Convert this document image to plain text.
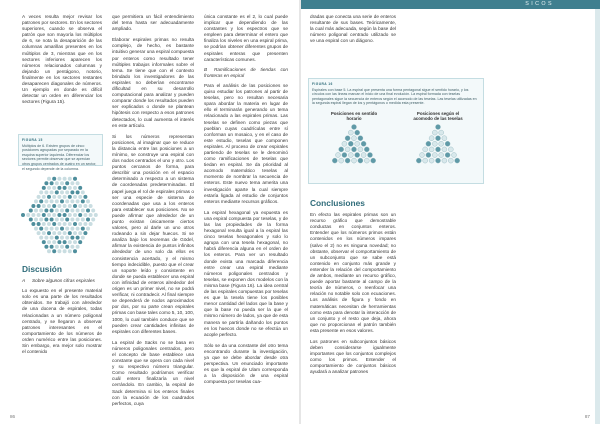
SICOS

A veces resulta mejor revisar los patrones por sectores. En los sectores superiores, cuando se observa el patrón que son mayoría los múltiplos de 6, se nota la desaparición de las columnas amarillas presentes en los múltiplos de 3, mientras que en los sectores inferiores aparecen los números relacionados columnas y dejando un pentágono, notorio, finalmente en los sectores restantes desaparecen diagonales de números. Un ejemplo en donde es difícil detectar un orden en diferenciar los sectores (Figura 15).

FIGURA 15
Múltiplos de 6. Existen grupos de cinco posiciones agrupadas por separado en la esquina superior izquierda. Diferenciar los sectores permite observar que se aprecian otros grupos centrados de cuatro en un sector, el segundo depende de la columna.
Discusión
A Sobre algunos cifras espirales

Lo expuesto en el presente material solo es una parte de los resultados obtenidos. Se trabajó con alrededor de una docena de espirales, todas relacionadas a un número poligonal centrado, y se llegaron a observar patrones interesantes en el comportamiento de los números de orden numérico entre las posiciones. Sin embargo, era mejor solo mostrar el contenido

que permitiera un fácil entendimiento del tema hasta ser adecuadamente ampliado.

Elaborar espirales primas no resulta complejo, de hecho, es bastante intuitivo generar una espiral compuesta por enteros como resultado tener múltiples trabajos informales sobre el tema. Se tiene que con el contexto brindado los investigadores de las espirales no deberían encontrarse dificultad en su desarrollo computacional para analizar y pueden comparar donde los resultados pueden ser explicados o donde se plantean hipótesis con respecto a esos patrones detectados, lo cual aumenta el interés en este artículo.

Si los números representan posiciones, al imaginar que se reduce la distancia entre las posiciones a un mínimo, se construye una espiral con dos nodos centrados el uno y otro. Los puntos cercanos de forma, para describir una posición en el espacio determinado a respecto a un sistema de coordenadas predeterminadas. El papel juega el rol de espirales primas o ser una especie de sistema de coordenadas que usa a los enteros para establecer sus posiciones. No se puede afirmar que alrededor de un punto existan únicamente ciertos valores, pero al darle un uno otros rodeando a sin dejar huecos. Si se analiza bajo los teoremas de Gödel, afirmar la existencia de puntos infinitos alrededor de uno solo da ellos es consistencia acertado, y el mismo tiempo indecidible, puesto que el crear un soporte leído y consistente en donde se pueda establecer una espiral con infinidad de enteros alrededor del origen es un primer nivel, no se podrá verificar, ni contradecir. Al final siempre se dependerá de nodos aproximados por dos, por su parte crean espirales primas con base tales como 5, 10, 100, 1000, lo cual también conduce que se pueden crear cantidades infinitas de espirales con diferentes bases.

La espiral de Sacks no se basa en números poligonales centrados, pero el concepto de base establece una constante que se opera con cada nivel y su respectivo número triangular. Como resultado podríamos verificar cuál entero finalizaría un nivel cerrándolo. En cambio, la espiral de Sack determina si los enteros finales con la ecuación de los cuadrados perfectos, cuya

única constante es el 2, lo cual puede implicar que dependiendo de las constantes y los espectros que se empleen para determinar el entero que finaliza los niveles en una espiral prima, se podrían obtener diferentes grupos de espirales enteras que presenten características comunes.

B Ramificaciones de tiendas con fronteras en espiral

Para el análisis de las posiciones se quiso estudiar los patrones al partir de teselas, pero no resultan necesaria spara abordar la materia en lugar de ello el terminarán generando un tema relacionado a las espirales primas. Las teselas se definen como piezas que pueblan cuyas cuadrículas entre sí conforman un mosaico, y en el caso de este estudio, teselas que componen espirales. Al proceso de crear espirales partiendo de teselas se le denominó como ramificaciones de teselas que tiedan en espiral. Se da prioridad al acomodo matemático teselas al momento de nombrar la secuencia de enteros. Este nuevo tema amerita una investigación aparte la cual siempre estaría ligada al estudio de conjuntos enteros mediante recursos gráficos.

La espiral hexagonal ya expuesta es una espiral compuesta por teselas, y de las las propiedades de la forma hexagonal resulta igual a la espiral las cinco teselas hexagonales y solo lo agrupa con una tesela hexagonal, no habrá diferencia alguna en el orden de los enteros. Para ver un resultado donde exista una marcada diferencia entre crear una espiral mediante números poligonales centrados y teselas, se exponen dos modelos con la misma base (Figura 16). La idea central de las espirales compuestas por teselas es que la tesela tiene los posibles menor cantidad del lados que la base y que la base no pueda ser la que el mismo número de lados, ya que de esta manera se partiría dañando los puntos en los huecos donde no se efectúa un acople perfecto.

Sólo se da una constante del otro tema encontrando durante la investigación, ya que se debe abordar desde otra perspectiva. Un enunciado importante es que la espiral de Ulam corresponda a la disposición de una espiral compuesta por teselas cua-

86

dradas que conecta una serie de enteros resultante de sus bases. Teóricamente, la cual más adecuada, según la base del número poligonal centrado utilizado se ve una espiral con un diágono.

FIGURA 16
Espirales con base 5. La espiral que presenta una forma pentagonal sigue el sentido horario, y los círculos con las líneas marcan el inicio de una final evolución. La espiral formada con teselas pentagonales sigue la secuencia de enteros según el acomodo de las teselas. Las teselas utilizadas en la segunda espiral llegan de los y pentágonos o medida esta presente.
Posiciones en sentido horario
Posiciones según el acomodo de las teselas
Conclusiones

En efecto las espirales primas son un recurso gráfico que demostrable conductas en conjuntos enteros. Entender que los números primos están contenidos en los números impares (salvo el 2) no es ninguna novedad; no obstante, observar el comportamiento de un subconjunto que se sabe está contenido en conjunto más grande y entender la relación del comportamiento de ambos, mediante un recurso gráfico, puede aportar bastante al campo de la teoría de números, o reenfocar una relación no notable solo con ecuaciones. Los análisis de figura y fondo en matemáticas necesitan de herramientas como esta para denotar la interacción de un conjunto y el resto que deja, ahora que no proporcionan el patrón también esta presente en esos valores.

Los patrones en subconjuntos básicos deben considerarse igualmente importantes que los conjuntos complejos como los primos. Entender el comportamiento de conjuntos básicos ayudará a analizar patrones

87
